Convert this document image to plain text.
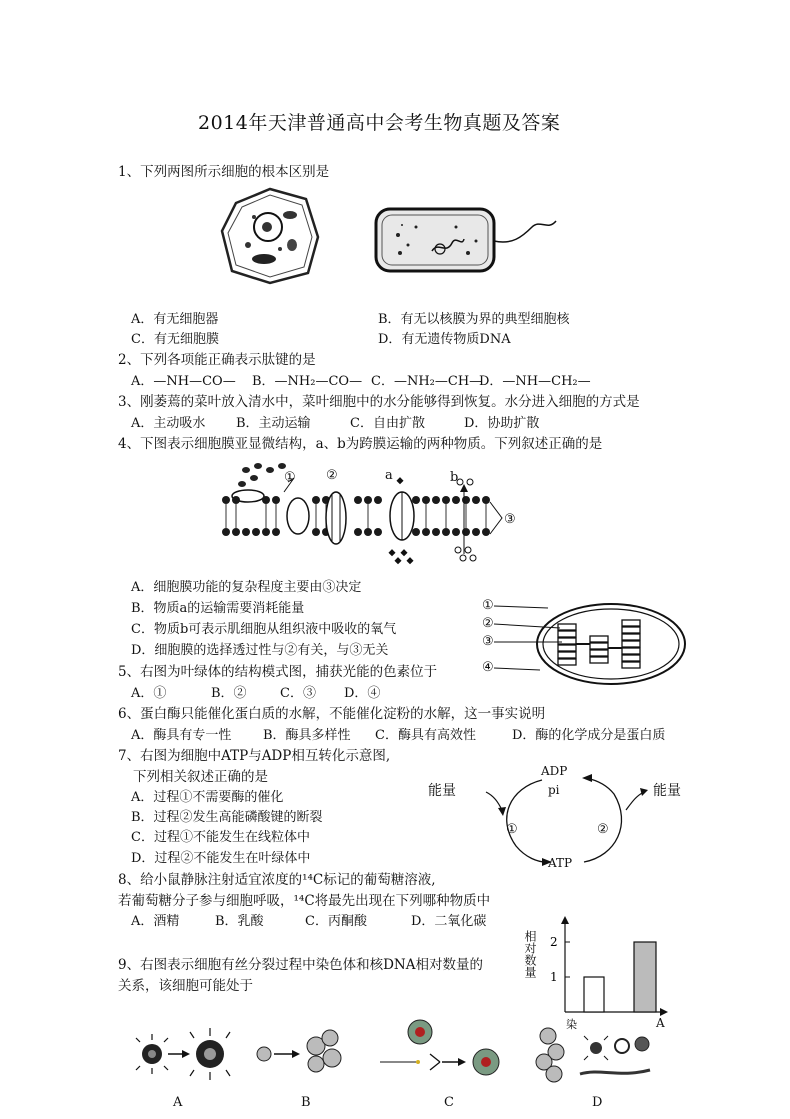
2014年天津普通高中会考生物真题及答案
1、下列两图所示细胞的根本区别是
A．有无细胞器	B．有无以核膜为界的典型细胞核
C．有无细胞膜	D．有无遗传物质DNA
2、下列各项能正确表示肽键的是
A．—NH—CO— B．—NH₂—CO— C．—NH₂—CH—
D．—NH—CH₂—
3、刚萎蔫的菜叶放入清水中，菜叶细胞中的水分能够得到恢复。水分进入细胞的方式是
A．主动吸水 B．主动运输	C．自由扩散	D．协助扩散
4、下图表示细胞膜亚显微结构，a、b为跨膜运输的两种物质。下列叙述正确的是
① ②	a	b
③
A．细胞膜功能的复杂程度主要由③决定
B．物质a的运输需要消耗能量
C．物质b可表示肌细胞从组织液中吸收的氧气
D．细胞膜的选择透过性与②有关，与③无关
①
②
③
④
5、右图为叶绿体的结构模式图，捕获光能的色素位于
A．①	B．②	C．③ D．④
6、蛋白酶只能催化蛋白质的水解，不能催化淀粉的水解，这一事实说明
A．酶具有专一性 B．酶具多样性 C．酶具有高效性	D．酶的化学成分是蛋白质
7、右图为细胞中ATP与ADP相互转化示意图,
下列相关叙述正确的是
A．过程①不需要酶的催化
B．过程②发生高能磷酸键的断裂
C．过程①不能发生在线粒体中
D．过程②不能发生在叶绿体中
ADP
pi
ATP
能量	能量
①	②
8、给小鼠静脉注射适宜浓度的¹⁴C标记的葡萄糖溶液,
若葡萄糖分子参与细胞呼吸，¹⁴C将最先出现在下列哪种物质中
A．酒精	B．乳酸	C．丙酮酸	D．二氧化碳
9、右图表示细胞有丝分裂过程中染色体和核DNA相对数量的
关系，该细胞可能处于
2
1
相对数量
染	A
A	B	C	D
